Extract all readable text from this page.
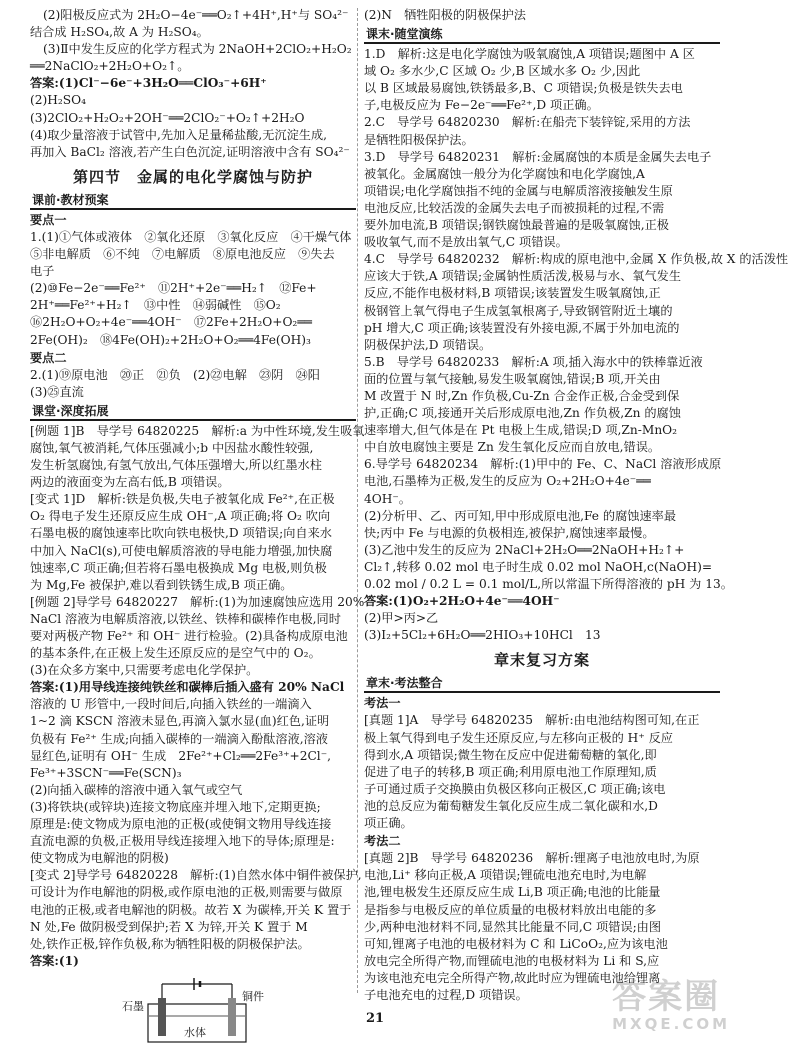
(2)阳极反应式为 2H₂O−4e⁻══O₂↑+4H⁺,H⁺与 SO₄²⁻
结合成 H₂SO₄,故 A 为 H₂SO₄。
(3)Ⅱ中发生反应的化学方程式为 2NaOH+2ClO₂+H₂O₂
══2NaClO₂+2H₂O+O₂↑。
答案:(1)Cl⁻−6e⁻+3H₂O══ClO₃⁻+6H⁺
(2)H₂SO₄
(3)2ClO₂+H₂O₂+2OH⁻══2ClO₂⁻+O₂↑+2H₂O
(4)取少量溶液于试管中,先加入足量稀盐酸,无沉淀生成,
再加入 BaCl₂ 溶液,若产生白色沉淀,证明溶液中含有 SO₄²⁻
第四节　金属的电化学腐蚀与防护
课前·教材预案
要点一
1.(1)①气体或液体　②氧化还原　③氧化反应　④干燥气体
⑤非电解质　⑥不纯　⑦电解质　⑧原电池反应　⑨失去
电子
(2)⑩Fe−2e⁻══Fe²⁺　⑪2H⁺+2e⁻══H₂↑　⑫Fe+
2H⁺══Fe²⁺+H₂↑　⑬中性　⑭弱碱性　⑮O₂
⑯2H₂O+O₂+4e⁻══4OH⁻　⑰2Fe+2H₂O+O₂══
2Fe(OH)₂　⑱4Fe(OH)₂+2H₂O+O₂══4Fe(OH)₃
要点二
2.(1)⑲原电池　⑳正　㉑负　(2)㉒电解　㉓阴　㉔阳
(3)㉕直流
课堂·深度拓展
[例题 1]B　导学号 64820225　解析:a 为中性环境,发生吸氧
腐蚀,氧气被消耗,气体压强减小;b 中因盐水酸性较强,
发生析氢腐蚀,有氢气放出,气体压强增大,所以红墨水柱
两边的液面变为左高右低,B 项错误。
[变式 1]D　解析:铁是负极,失电子被氧化成 Fe²⁺,在正极
O₂ 得电子发生还原反应生成 OH⁻,A 项正确;将 O₂ 吹向
石墨电极的腐蚀速率比吹向铁电极快,D 项错误;向自来水
中加入 NaCl(s),可使电解质溶液的导电能力增强,加快腐
蚀速率,C 项正确;但若将石墨电极换成 Mg 电极,则负极
为 Mg,Fe 被保护,难以看到铁锈生成,B 项正确。
[例题 2]导学号 64820227　解析:(1)为加速腐蚀应选用 20%
NaCl 溶液为电解质溶液,以铁丝、铁棒和碳棒作电极,同时
要对两极产物 Fe²⁺ 和 OH⁻ 进行检验。(2)具备构成原电池
的基本条件,在正极上发生还原反应的是空气中的 O₂。
(3)在众多方案中,只需要考虑电化学保护。
答案:(1)用导线连接纯铁丝和碳棒后插入盛有 20% NaCl
溶液的 U 形管中,一段时间后,向插入铁丝的一端滴入
1~2 滴 KSCN 溶液未显色,再滴入氯水显(血)红色,证明
负极有 Fe²⁺ 生成;向插入碳棒的一端滴入酚酞溶液,溶液
显红色,证明有 OH⁻ 生成　2Fe²⁺+Cl₂══2Fe³⁺+2Cl⁻,
Fe³⁺+3SCN⁻══Fe(SCN)₃
(2)向插入碳棒的溶液中通入氧气或空气
(3)将铁块(或锌块)连接文物底座并埋入地下,定期更换;
原理是:使文物成为原电池的正极(或使铜文物用导线连接
直流电源的负极,正极用导线连接埋入地下的导体;原理是:
使文物成为电解池的阴极)
[变式 2]导学号 64820228　解析:(1)自然水体中铜件被保护,
可设计为作电解池的阴极,或作原电池的正极,则需要与做原
电池的正极,或者电解池的阴极。故若 X 为碳棒,开关 K 置于
N 处,Fe 做阴极受到保护;若 X 为锌,开关 K 置于 M
处,铁作正极,锌作负极,称为牺牲阳极的阴极保护法。
答案:(1)
石墨
铜件
水体
(2)N　牺牲阳极的阴极保护法
课末·随堂演练
1.D　解析:这是电化学腐蚀为吸氧腐蚀,A 项错误;题图中 A 区
域 O₂ 多水少,C 区域 O₂ 少,B 区域水多 O₂ 少,因此
以 B 区域最易腐蚀,铁锈最多,B、C 项错误;负极是铁失去电
子,电极反应为 Fe−2e⁻══Fe²⁺,D 项正确。
2.C　导学号 64820230　解析:在船壳下装锌锭,采用的方法
是牺牲阳极保护法。
3.D　导学号 64820231　解析:金属腐蚀的本质是金属失去电子
被氧化。金属腐蚀一般分为化学腐蚀和电化学腐蚀,A
项错误;电化学腐蚀指不纯的金属与电解质溶液接触发生原
电池反应,比较活泼的金属失去电子而被损耗的过程,不需
要外加电流,B 项错误;钢铁腐蚀最普遍的是吸氧腐蚀,正极
吸收氧气,而不是放出氧气,C 项错误。
4.C　导学号 64820232　解析:构成的原电池中,金属 X 作负极,故 X 的活泼性
应该大于铁,A 项错误;金属钠性质活泼,极易与水、氧气发生
反应,不能作电极材料,B 项错误;该装置发生吸氧腐蚀,正
极钢管上氧气得电子生成氢氧根离子,导致钢管附近土壤的
pH 增大,C 项正确;该装置没有外接电源,不属于外加电流的
阴极保护法,D 项错误。
5.B　导学号 64820233　解析:A 项,插入海水中的铁棒靠近液
面的位置与氧气接触,易发生吸氧腐蚀,错误;B 项,开关由
M 改置于 N 时,Zn 作负极,Cu-Zn 合金作正极,合金受到保
护,正确;C 项,接通开关后形成原电池,Zn 作负极,Zn 的腐蚀
速率增大,但气体是在 Pt 电极上生成,错误;D 项,Zn-MnO₂
中自放电腐蚀主要是 Zn 发生氧化反应而自放电,错误。
6.导学号 64820234　解析:(1)甲中的 Fe、C、NaCl 溶液形成原
电池,石墨棒为正极,发生的反应为 O₂+2H₂O+4e⁻══
4OH⁻。
(2)分析甲、乙、丙可知,甲中形成原电池,Fe 的腐蚀速率最
快;丙中 Fe 与电源的负极相连,被保护,腐蚀速率最慢。
(3)乙池中发生的反应为 2NaCl+2H₂O══2NaOH+H₂↑+
Cl₂↑,转移 0.02 mol 电子时生成 0.02 mol NaOH,c(NaOH)=
0.02 mol / 0.2 L = 0.1 mol/L,所以常温下所得溶液的 pH 为 13。
答案:(1)O₂+2H₂O+4e⁻══4OH⁻
(2)甲>丙>乙
(3)I₂+5Cl₂+6H₂O══2HIO₃+10HCl　13
章末复习方案
章末·考法整合
考法一
[真题 1]A　导学号 64820235　解析:由电池结构图可知,在正
极上氧气得到电子发生还原反应,与左移向正极的 H⁺ 反应
得到水,A 项错误;微生物在反应中促进葡萄糖的氧化,即
促进了电子的转移,B 项正确;利用原电池工作原理知,质
子可通过质子交换膜由负极区移向正极区,C 项正确;该电
池的总反应为葡萄糖发生氧化反应生成二氧化碳和水,D
项正确。
考法二
[真题 2]B　导学号 64820236　解析:锂离子电池放电时,为原
电池,Li⁺ 移向正极,A 项错误;锂硫电池充电时,为电解
池,锂电极发生还原反应生成 Li,B 项正确;电池的比能量
是指参与电极反应的单位质量的电极材料放出电能的多
少,两种电池材料不同,显然其比能量不同,C 项错误;由图
可知,锂离子电池的电极材料为 C 和 LiCoO₂,应为该电池
放电完全所得产物,而锂硫电池的电极材料为 Li 和 S,应
为该电池充电完全所得产物,故此时应为锂硫电池给锂离
子电池充电的过程,D 项错误。
21
答案圈
MXQE.COM
